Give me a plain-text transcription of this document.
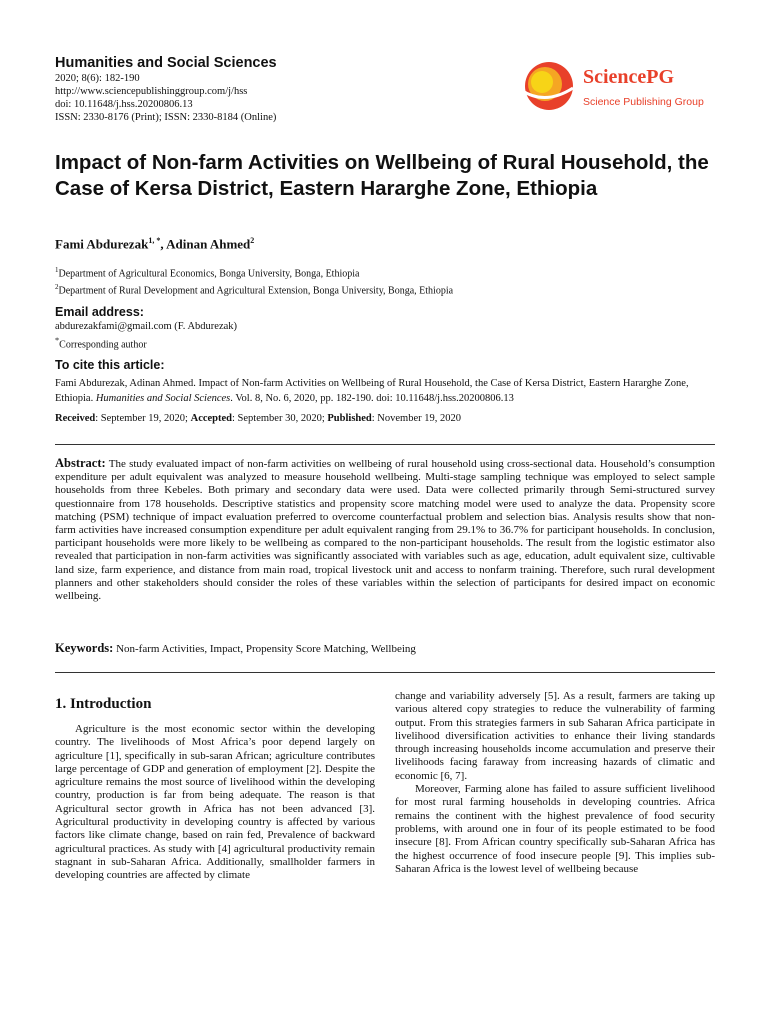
Humanities and Social Sciences
2020; 8(6): 182-190
http://www.sciencepublishinggroup.com/j/hss
doi: 10.11648/j.hss.20200806.13
ISSN: 2330-8176 (Print); ISSN: 2330-8184 (Online)
SciencePG
Science Publishing Group
Impact of Non-farm Activities on Wellbeing of Rural Household, the Case of Kersa District, Eastern Hararghe Zone, Ethiopia
Fami Abdurezak$^{1, *}$, Adinan Ahmed$^2$
$^1$Department of Agricultural Economics, Bonga University, Bonga, Ethiopia
$^2$Department of Rural Development and Agricultural Extension, Bonga University, Bonga, Ethiopia
Email address:
abdurezakfami@gmail.com (F. Abdurezak)
*Corresponding author
To cite this article:
Fami Abdurezak, Adinan Ahmed. Impact of Non-farm Activities on Wellbeing of Rural Household, the Case of Kersa District, Eastern Hararghe Zone, Ethiopia. Humanities and Social Sciences. Vol. 8, No. 6, 2020, pp. 182-190. doi: 10.11648/j.hss.20200806.13
Received: September 19, 2020; Accepted: September 30, 2020; Published: November 19, 2020
Abstract: The study evaluated impact of non-farm activities on wellbeing of rural household using cross-sectional data. Household’s consumption expenditure per adult equivalent was analyzed to measure household wellbeing. Multi-stage sampling technique was employed to select sample households from three Kebeles. Both primary and secondary data were used. Data were collected primarily through Semi-structured survey questionnaire from 178 households. Descriptive statistics and propensity score matching model were used to analyze the data. Propensity score matching (PSM) technique of impact evaluation preferred to overcome counterfactual problem and selection bias. Analysis results show that non-farm activities have increased consumption expenditure per adult equivalent ranging from 29.1% to 36.7% for participant households. In conclusion, participant households were more likely to be wellbeing as compared to the non-participant households. The result from the logistic estimator also revealed that participation in non-farm activities was significantly associated with variables such as age, education, adult equivalent size, cultivable land size, farm experience, and distance from main road, tropical livestock unit and access to nonfarm training. Therefore, such rural development planners and other stakeholders should consider the roles of these variables within the selection of participants for desired impact on economic wellbeing.
Keywords: Non-farm Activities, Impact, Propensity Score Matching, Wellbeing
1. Introduction

Agriculture is the most economic sector within the developing country. The livelihoods of Most Africa’s poor depend largely on agriculture [1], specifically in sub-saran African; agriculture contributes large percentage of GDP and generation of employment [2]. Despite the agriculture remains the most source of livelihood within the developing country, production is far from being adequate. The reason is that Agricultural sector growth in Africa has not been advanced [3]. Agricultural productivity in developing country is affected by various factors like climate change, based on rain fed, Prevalence of backward agricultural practices. As study with [4] agricultural productivity remain stagnant in sub-Saharan Africa. Additionally, smallholder farmers in developing countries are affected by climate

change and variability adversely [5]. As a result, farmers are taking up various altered copy strategies to reduce the vulnerability of farming output. From this strategies farmers in sub Saharan Africa participate in livelihood diversification activities to enhance their living standards through increasing households income accumulation and preserve their livelihoods facing faraway from increasing hazards of climatic and economic [6, 7].

Moreover, Farming alone has failed to assure sufficient livelihood for most rural farming households in developing countries. Africa remains the continent with the highest prevalence of food security problems, with around one in four of its people estimated to be food insecure [8]. From African country specifically sub-Saharan Africa has the highest occurrence of food insecure people [9]. This implies sub-Saharan Africa is the lowest level of wellbeing because
